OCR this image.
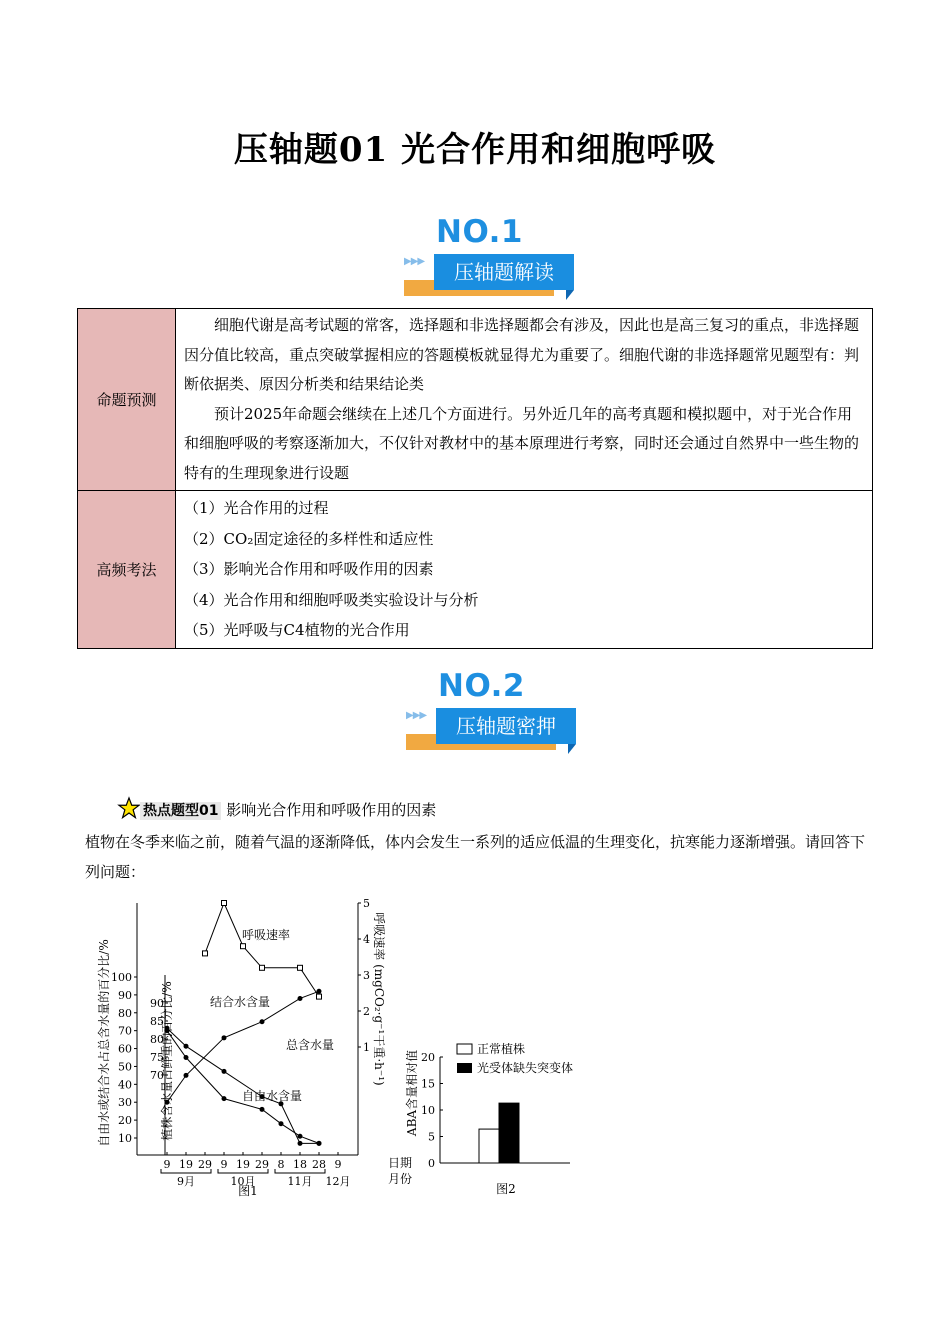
压轴题01 光合作用和细胞呼吸
NO.1
▶▶▶	压轴题解读
命题预测	细胞代谢是高考试题的常客，选择题和非选择题都会有涉及，因此也是高三复习的重点，非选择题因分值比较高，重点突破掌握相应的答题模板就显得尤为重要了。细胞代谢的非选择题常见题型有：判断依据类、原因分析类和结果结论类
预计2025年命题会继续在上述几个方面进行。另外近几年的高考真题和模拟题中，对于光合作用和细胞呼吸的考察逐渐加大，不仅针对教材中的基本原理进行考察，同时还会通过自然界中一些生物的特有的生理现象进行设题

高频考法	（1）光合作用的过程
（2）CO₂固定途径的多样性和适应性
（3）影响光合作用和呼吸作用的因素
（4）光合作用和细胞呼吸类实验设计与分析
（5）光呼吸与C4植物的光合作用
NO.2
▶▶▶	压轴题密押
热点题型01 影响光合作用和呼吸作用的因素
植物在冬季来临之前，随着气温的逐渐降低，体内会发生一系列的适应低温的生理变化，抗寒能力逐渐增强。请回答下列问题：
10
20
30
40
50
60
70
80
90
100
70
75
80
85
90
1
2
3
4
5
9 19 29 9 19 29 8 18 28 9
9月	10月	11月 12月
呼吸速率
结合水含量
总含水量
自由水含量
自由水或结合水占总含水量的百分比/%	植株含水量占鲜重的百分比/%	呼吸速率 (mgCO₂·g⁻¹干重·h⁻¹)
日期
月份
图1
0
5
10
15
20
ABA含量相对值
正常植株
光受体缺失突变体
图2
